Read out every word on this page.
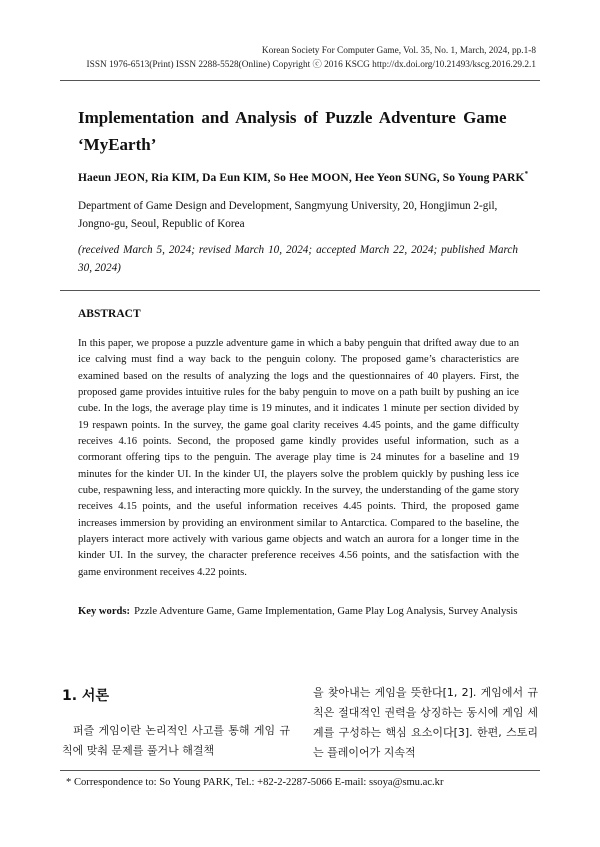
Korean Society For Computer Game, Vol. 35, No. 1, March, 2024, pp.1-8
ISSN 1976-6513(Print) ISSN 2288-5528(Online) Copyright ⓒ 2016 KSCG http://dx.doi.org/10.21493/kscg.2016.29.2.1
Implementation and Analysis of Puzzle Adventure Game ‘MyEarth’
Haeun JEON, Ria KIM, Da Eun KIM, So Hee MOON, Hee Yeon SUNG, So Young PARK*
Department of Game Design and Development, Sangmyung University, 20, Hongjimun 2-gil, Jongno-gu, Seoul, Republic of Korea
(received March 5, 2024; revised March 10, 2024; accepted March 22, 2024; published March 30, 2024)
ABSTRACT
In this paper, we propose a puzzle adventure game in which a baby penguin that drifted away due to an ice calving must find a way back to the penguin colony. The proposed game’s characteristics are examined based on the results of analyzing the logs and the questionnaires of 40 players. First, the proposed game provides intuitive rules for the baby penguin to move on a path built by pushing an ice cube. In the logs, the average play time is 19 minutes, and it indicates 1 minute per section divided by 19 respawn points. In the survey, the game goal clarity receives 4.45 points, and the game difficulty receives 4.16 points. Second, the proposed game kindly provides useful information, such as a cormorant offering tips to the penguin. The average play time is 24 minutes for a baseline and 19 minutes for the kinder UI. In the kinder UI, the players solve the problem quickly by pushing less ice cube, respawning less, and interacting more quickly. In the survey, the understanding of the game story receives 4.15 points, and the useful information receives 4.45 points. Third, the proposed game increases immersion by providing an environment similar to Antarctica. Compared to the baseline, the players interact more actively with various game objects and watch an aurora for a longer time in the kinder UI. In the survey, the character preference receives 4.56 points, and the satisfaction with the game environment receives 4.22 points.
Key words: Pzzle Adventure Game, Game Implementation, Game Play Log Analysis, Survey Analysis
1. 서론
퍼즐 게임이란 논리적인 사고를 통해 게임 규칙에 맞춰 문제를 풀거나 해결책
을 찾아내는 게임을 뜻한다[1, 2]. 게임에서 규칙은 절대적인 권력을 상징하는 동시에 게임 세계를 구성하는 핵심 요소이다[3]. 한편, 스토리는 플레이어가 지속적
* Correspondence to: So Young PARK, Tel.: +82-2-2287-5066 E-mail: ssoya@smu.ac.kr
